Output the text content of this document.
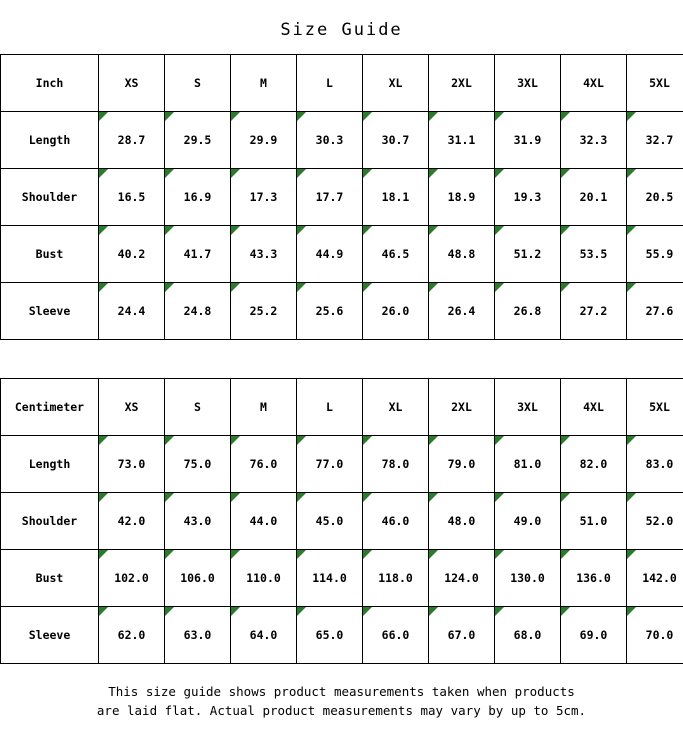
Size Guide
Inch	XS	S	M	L	XL	2XL	3XL	4XL	5XL
Length	28.7	29.5	29.9	30.3	30.7	31.1	31.9	32.3	32.7
Shoulder	16.5	16.9	17.3	17.7	18.1	18.9	19.3	20.1	20.5
Bust	40.2	41.7	43.3	44.9	46.5	48.8	51.2	53.5	55.9
Sleeve	24.4	24.8	25.2	25.6	26.0	26.4	26.8	27.2	27.6
Centimeter	XS	S	M	L	XL	2XL	3XL	4XL	5XL
Length	73.0	75.0	76.0	77.0	78.0	79.0	81.0	82.0	83.0
Shoulder	42.0	43.0	44.0	45.0	46.0	48.0	49.0	51.0	52.0
Bust	102.0	106.0	110.0	114.0	118.0	124.0	130.0	136.0	142.0
Sleeve	62.0	63.0	64.0	65.0	66.0	67.0	68.0	69.0	70.0
This size guide shows product measurements taken when products
are laid flat. Actual product measurements may vary by up to 5cm.
